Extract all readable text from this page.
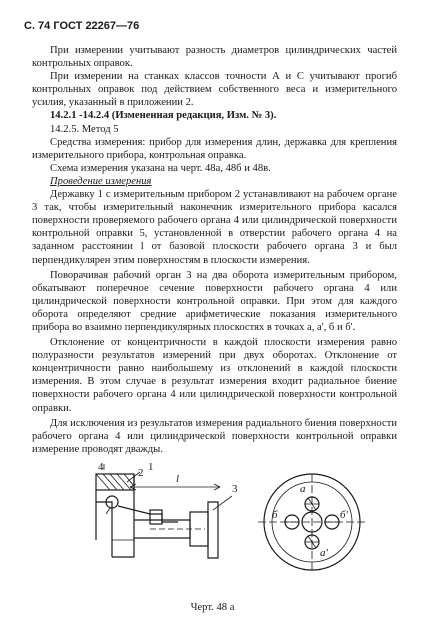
С. 74 ГОСТ 22267—76

При измерении учитывают разность диаметров цилиндрических частей контрольных оправок.

При измерении на станках классов точности А и С учитывают прогиб контрольных оправок под действием собственного веса и измерительного усилия, указанный в приложении 2.

14.2.1 -14.2.4 (Измененная редакция, Изм. № 3).

14.2.5. Метод 5

Средства измерения: прибор для измерения длин, державка для крепления измерительного прибора, контрольная оправка.

Схема измерения указана на черт. 48а, 48б и 48в.

Проведение измерения

Державку 1 с измерительным прибором 2 устанавливают на рабочем органе 3 так, чтобы измерительный наконечник измерительного прибора касался поверхности проверяемого рабочего органа 4 или цилиндрической поверхности контрольной оправки 5, установленной в отверстии рабочего органа 4 на заданном расстоянии l от базовой плоскости рабочего органа 3 и был перпендикулярен этим поверхностям в плоскости измерения.

Поворачивая рабочий орган 3 на два оборота измерительным прибором, обкатывают поперечное сечение поверхности рабочего органа 4 или цилиндрической поверхности контрольной оправки. При этом для каждого оборота определяют средние арифметические показания измерительного прибора во взаимно перпендикулярных плоскостях в точках а, а', б и б'.

Отклонение от концентричности в каждой плоскости измерения равно полуразности результатов измерений при двух оборотах. Отклонение от концентричности равно наибольшему из отклонений в каждой плоскости измерения. В этом случае в результат измерения входит радиальное биение поверхности рабочего органа 4 или цилиндрической поверхности контрольной оправки.

Для исключения из результатов измерения радиального биения поверхности рабочего органа 4 или цилиндрической поверхности контрольной оправки измерение проводят дважды.

4	2 1
l
3	a
a'
б	б'
Черт. 48 а
